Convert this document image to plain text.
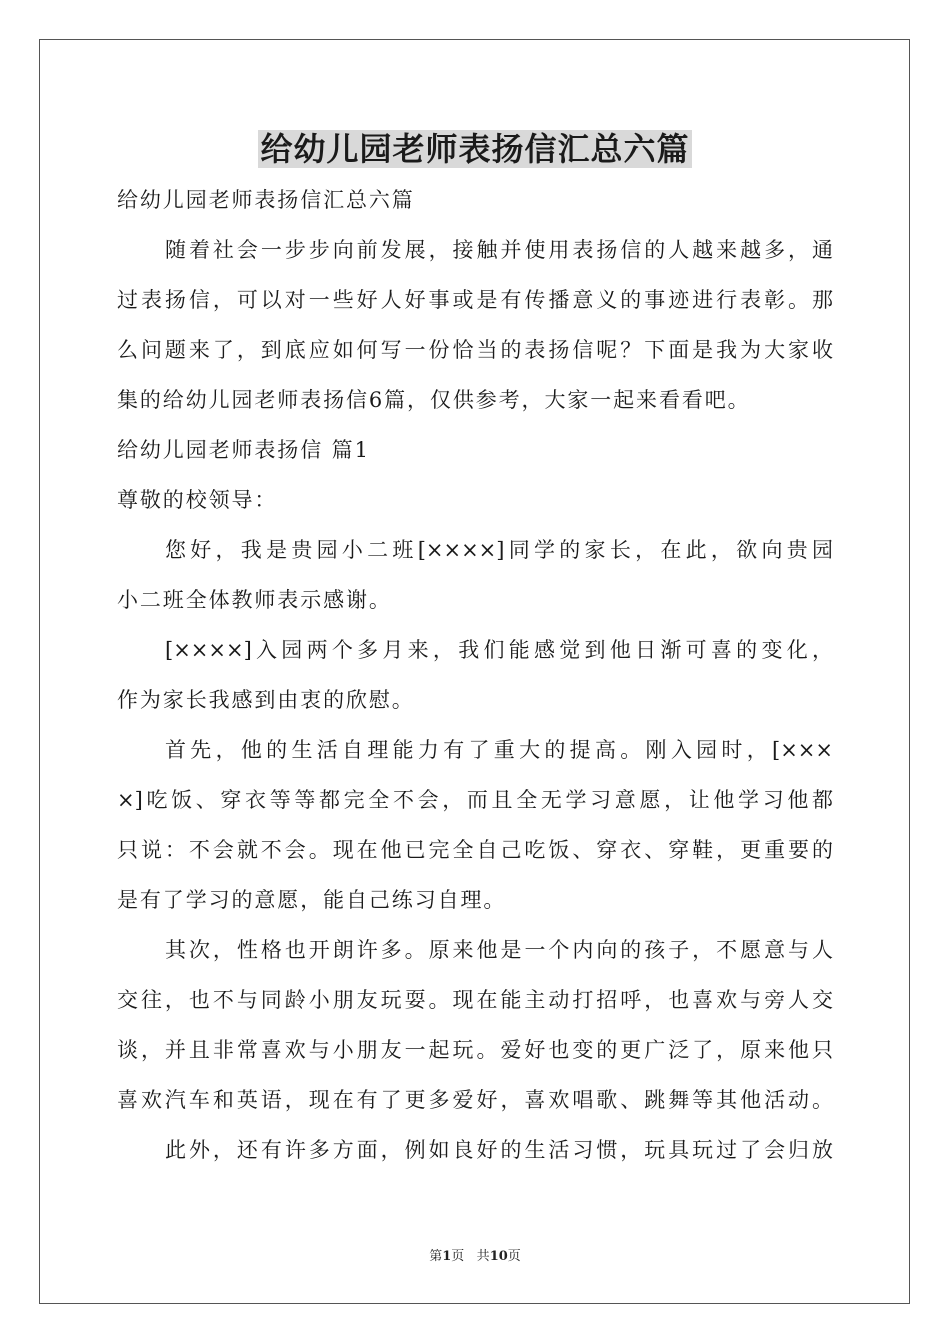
给幼儿园老师表扬信汇总六篇
给幼儿园老师表扬信汇总六篇
随着社会一步步向前发展，接触并使用表扬信的人越来越多，通
过表扬信，可以对一些好人好事或是有传播意义的事迹进行表彰。那
么问题来了，到底应如何写一份恰当的表扬信呢？下面是我为大家收
集的给幼儿园老师表扬信6篇，仅供参考，大家一起来看看吧。
给幼儿园老师表扬信 篇1
尊敬的校领导：
您好，我是贵园小二班[××××]同学的家长，在此，欲向贵园
小二班全体教师表示感谢。
[××××]入园两个多月来，我们能感觉到他日渐可喜的变化，
作为家长我感到由衷的欣慰。
首先，他的生活自理能力有了重大的提高。刚入园时，[×××
×]吃饭、穿衣等等都完全不会，而且全无学习意愿，让他学习他都
只说：不会就不会。现在他已完全自己吃饭、穿衣、穿鞋，更重要的
是有了学习的意愿，能自己练习自理。
其次，性格也开朗许多。原来他是一个内向的孩子，不愿意与人
交往，也不与同龄小朋友玩耍。现在能主动打招呼，也喜欢与旁人交
谈，并且非常喜欢与小朋友一起玩。爱好也变的更广泛了，原来他只
喜欢汽车和英语，现在有了更多爱好，喜欢唱歌、跳舞等其他活动。
此外，还有许多方面，例如良好的生活习惯，玩具玩过了会归放
第1页 共10页
